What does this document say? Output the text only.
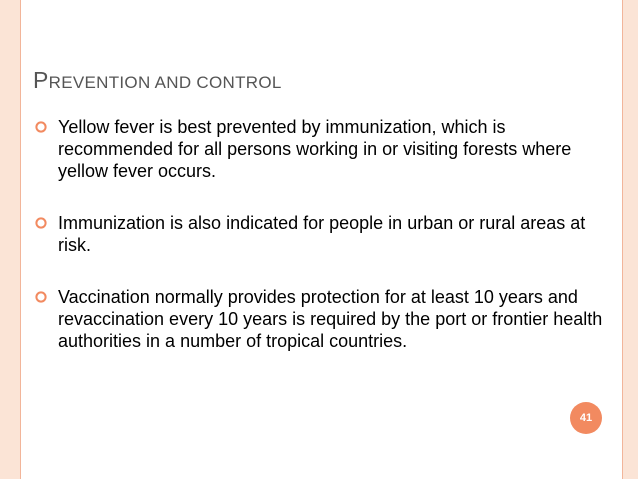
PREVENTION AND CONTROL
Yellow fever is best prevented by immunization, which is recommended for all persons working in or visiting forests where yellow fever occurs.
Immunization is also indicated for people in urban or rural areas at risk.
Vaccination normally provides protection for at least 10 years and revaccination every 10 years is required by the port or frontier health authorities in a number of tropical countries.
41
